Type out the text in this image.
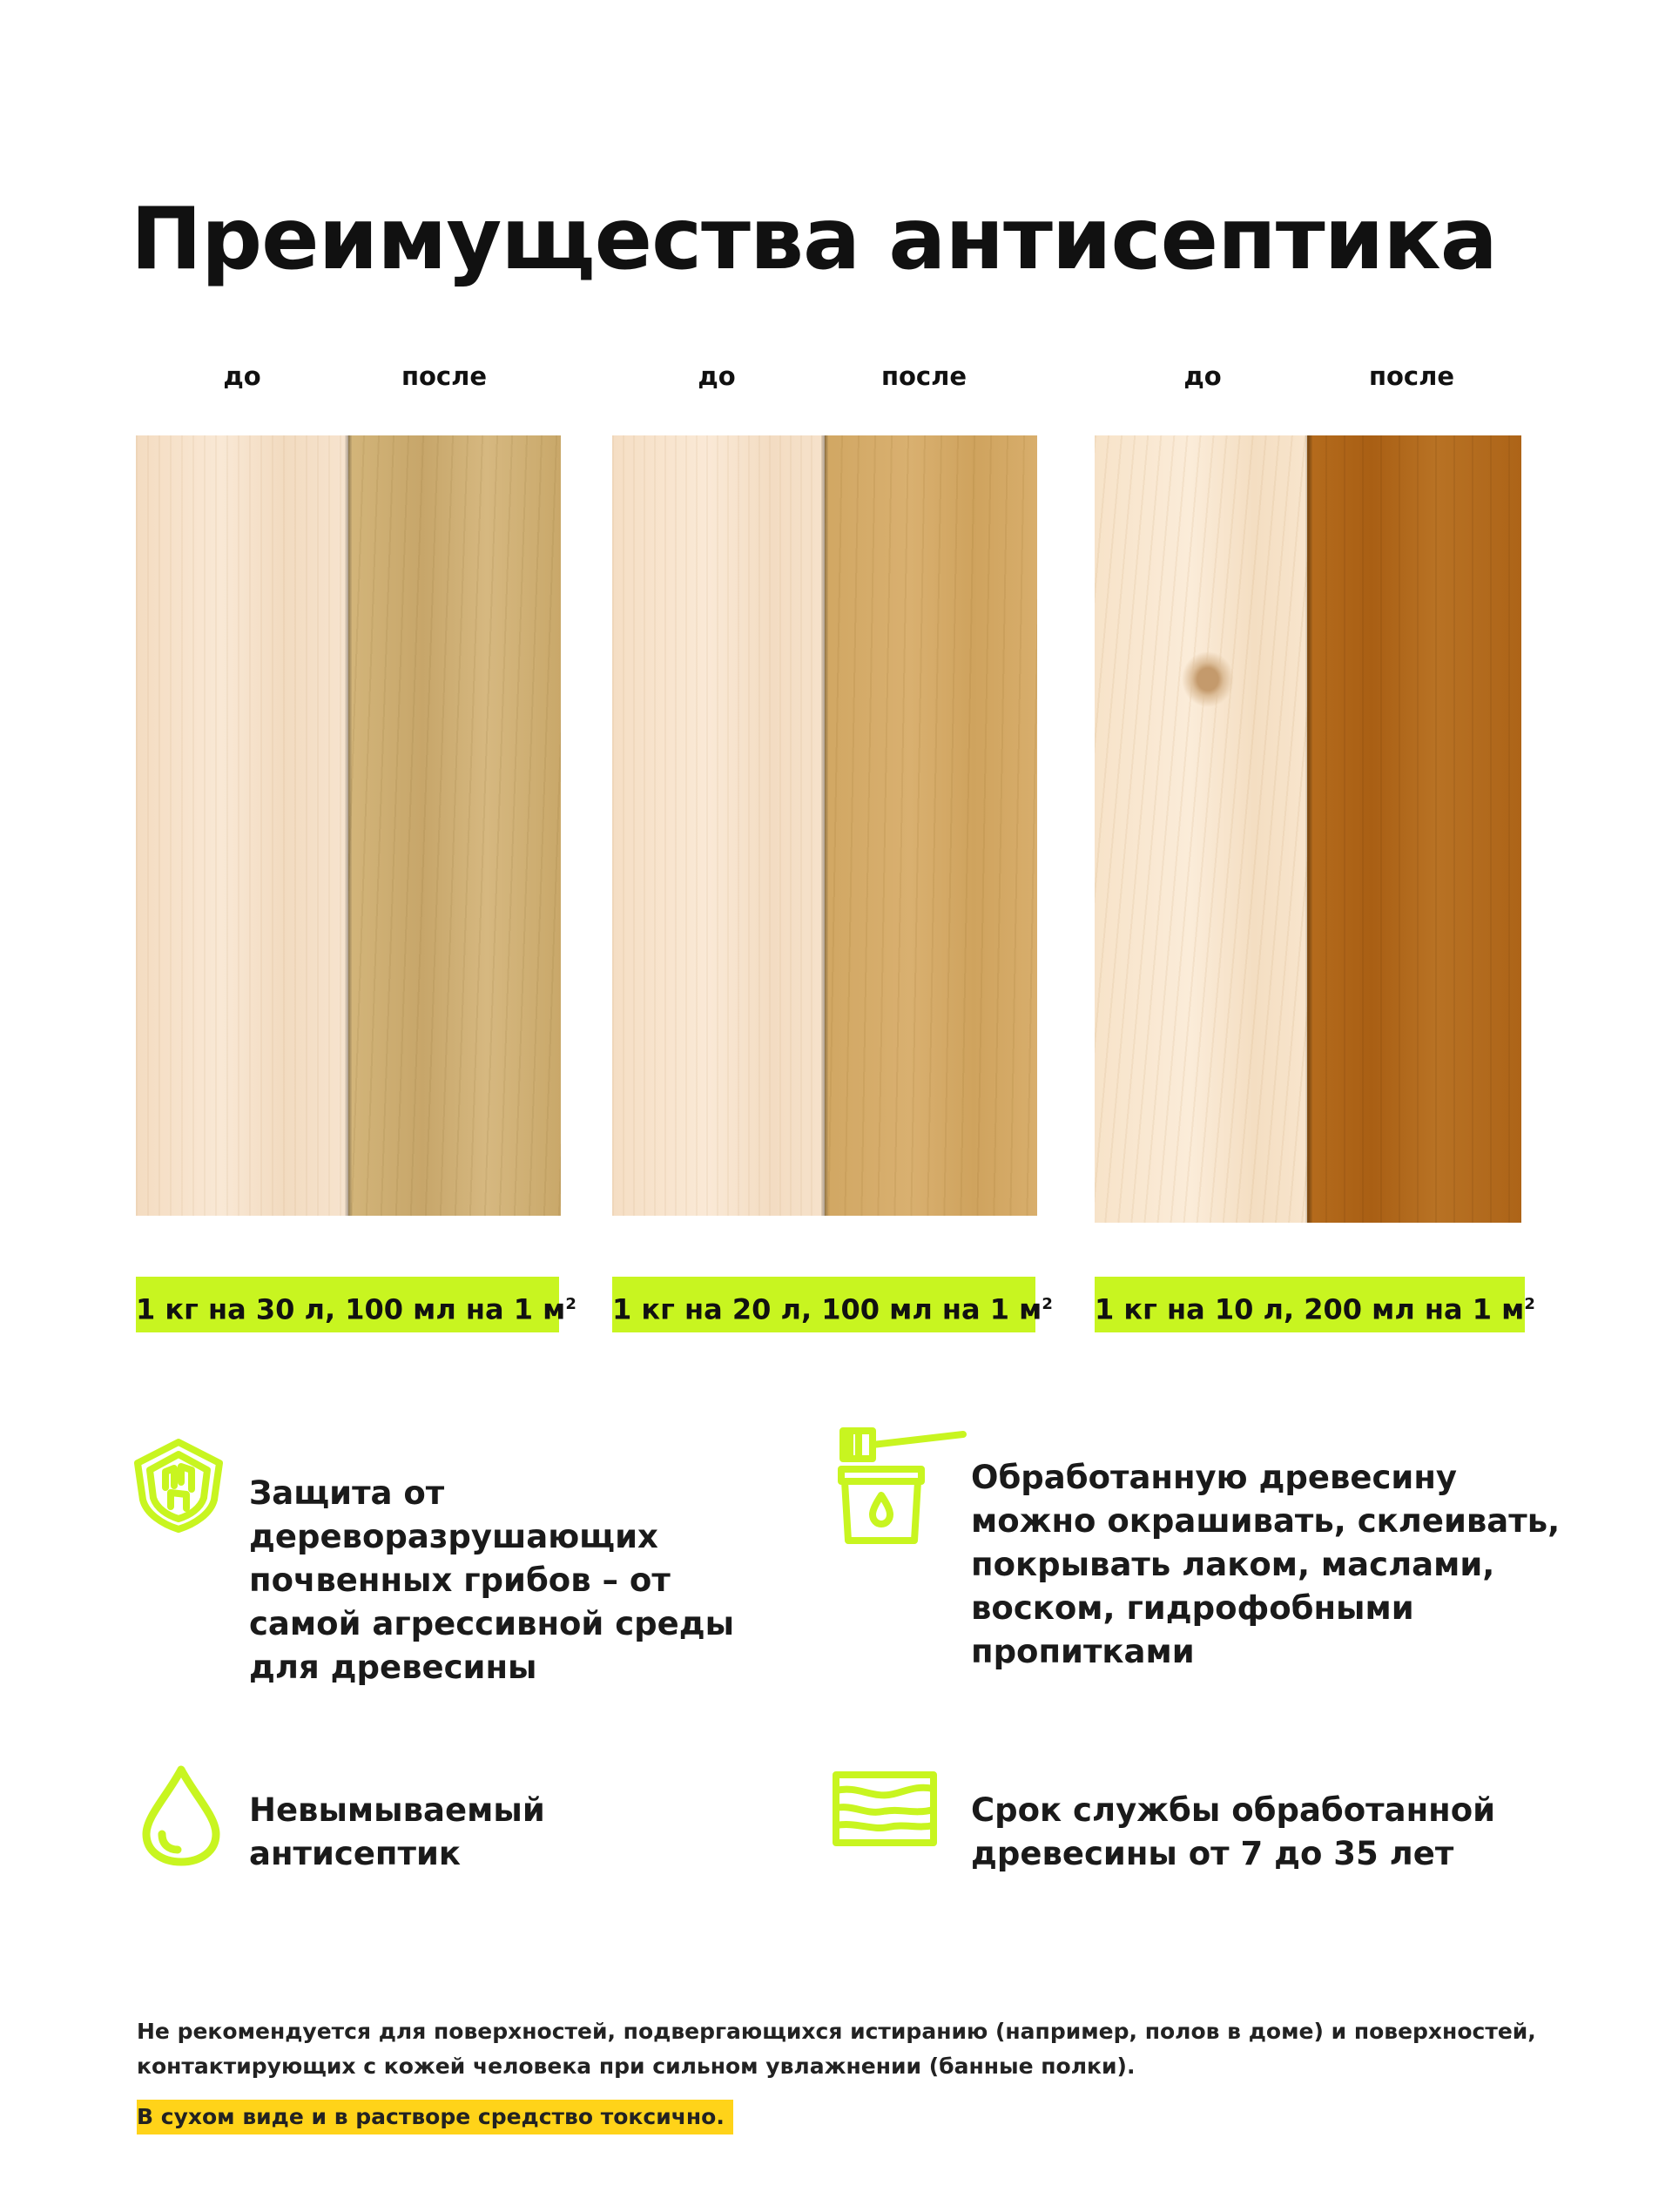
Преимущества антисептика
до	после
1 кг на 30 л, 100 мл на 1 $м^2$
до	после
1 кг на 20 л, 100 мл на 1 $м^2$
до	после
1 кг на 10 л, 200 мл на 1 $м^2$

Защита от дереворазрушающих почвенных грибов – от самой агрессивной среды для древесины

Обработанную древесину можно окрашивать, склеивать, покрывать лаком, маслами, воском, гидрофобными пропитками

Невымываемый антисептик

Срок службы обработанной древесины от 7 до 35 лет

Не рекомендуется для поверхностей, подвергающихся истиранию (например, полов в доме) и поверхностей, контактирующих с кожей человека при сильном увлажнении (банные полки).

В сухом виде и в растворе средство токсично.
